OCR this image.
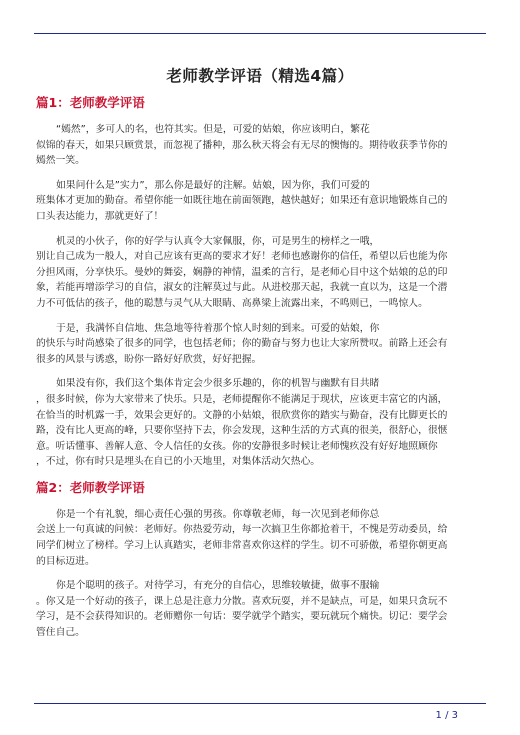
老师教学评语（精选4篇）
篇1：老师教学评语
“嫣然”，多可人的名，也符其实。但是，可爱的姑娘，你应该明白，繁花
似锦的春天，如果只顾赏景，而忽视了播种，那么秋天将会有无尽的懊悔的。期待收获季节你的
嫣然一笑。
如果问什么是”实力”，那么你是最好的注解。姑娘，因为你，我们可爱的
班集体才更加的勤奋。希望你能一如既往地在前面领跑，越快越好；如果还有意识地锻炼自己的
口头表达能力，那就更好了！
机灵的小伙子，你的好学与认真令大家佩服，你，可是男生的榜样之一哦，
别让自己成为一般人，对自己应该有更高的要求才好！老师也感谢你的信任，希望以后也能为你
分担风雨，分享快乐。曼妙的舞姿，娴静的神情，温柔的言行，是老师心目中这个姑娘的总的印
象，若能再增添学习的自信，淑女的注解莫过与此。从进校那天起，我就一直以为，这是一个潜
力不可低估的孩子，他的聪慧与灵气从大眼睛、高鼻梁上流露出来，不鸣则已，一鸣惊人。
于是，我满怀自信地、焦急地等待着那个惊人时刻的到来。可爱的姑娘，你
的快乐与时尚感染了很多的同学，也包括老师；你的勤奋与努力也让大家所赞叹。前路上还会有
很多的风景与诱惑，盼你一路好好欣赏，好好把握。
如果没有你，我们这个集体肯定会少很多乐趣的，你的机智与幽默有目共睹
，很多时候，你为大家带来了快乐。只是，老师提醒你不能满足于现状，应该更丰富它的内涵，
在恰当的时机露一手，效果会更好的。文静的小姑娘，很欣赏你的踏实与勤奋，没有比脚更长的
路，没有比人更高的峰，只要你坚持下去，你会发现，这种生活的方式真的很美，很舒心，很惬
意。听话懂事、善解人意、令人信任的女孩。你的安静很多时候让老师愧疚没有好好地照顾你
，不过，你有时只是埋头在自已的小天地里，对集体活动欠热心。
篇2：老师教学评语
你是一个有礼貌，细心责任心强的男孩。你尊敬老师，每一次见到老师你总
会送上一句真诚的问候：老师好。你热爱劳动，每一次搞卫生你都抢着干，不愧是劳动委员，给
同学们树立了榜样。学习上认真踏实，老师非常喜欢你这样的学生。切不可骄傲，希望你朝更高
的目标迈进。
你是个聪明的孩子。对待学习，有充分的自信心，思维较敏捷，做事不服输
。你又是一个好动的孩子，课上总是注意力分散。喜欢玩耍，并不是缺点，可是，如果只贪玩不
学习，是不会获得知识的。老师赠你一句话：要学就学个踏实，要玩就玩个痛快。切记：要学会
管住自己。
1 / 3
